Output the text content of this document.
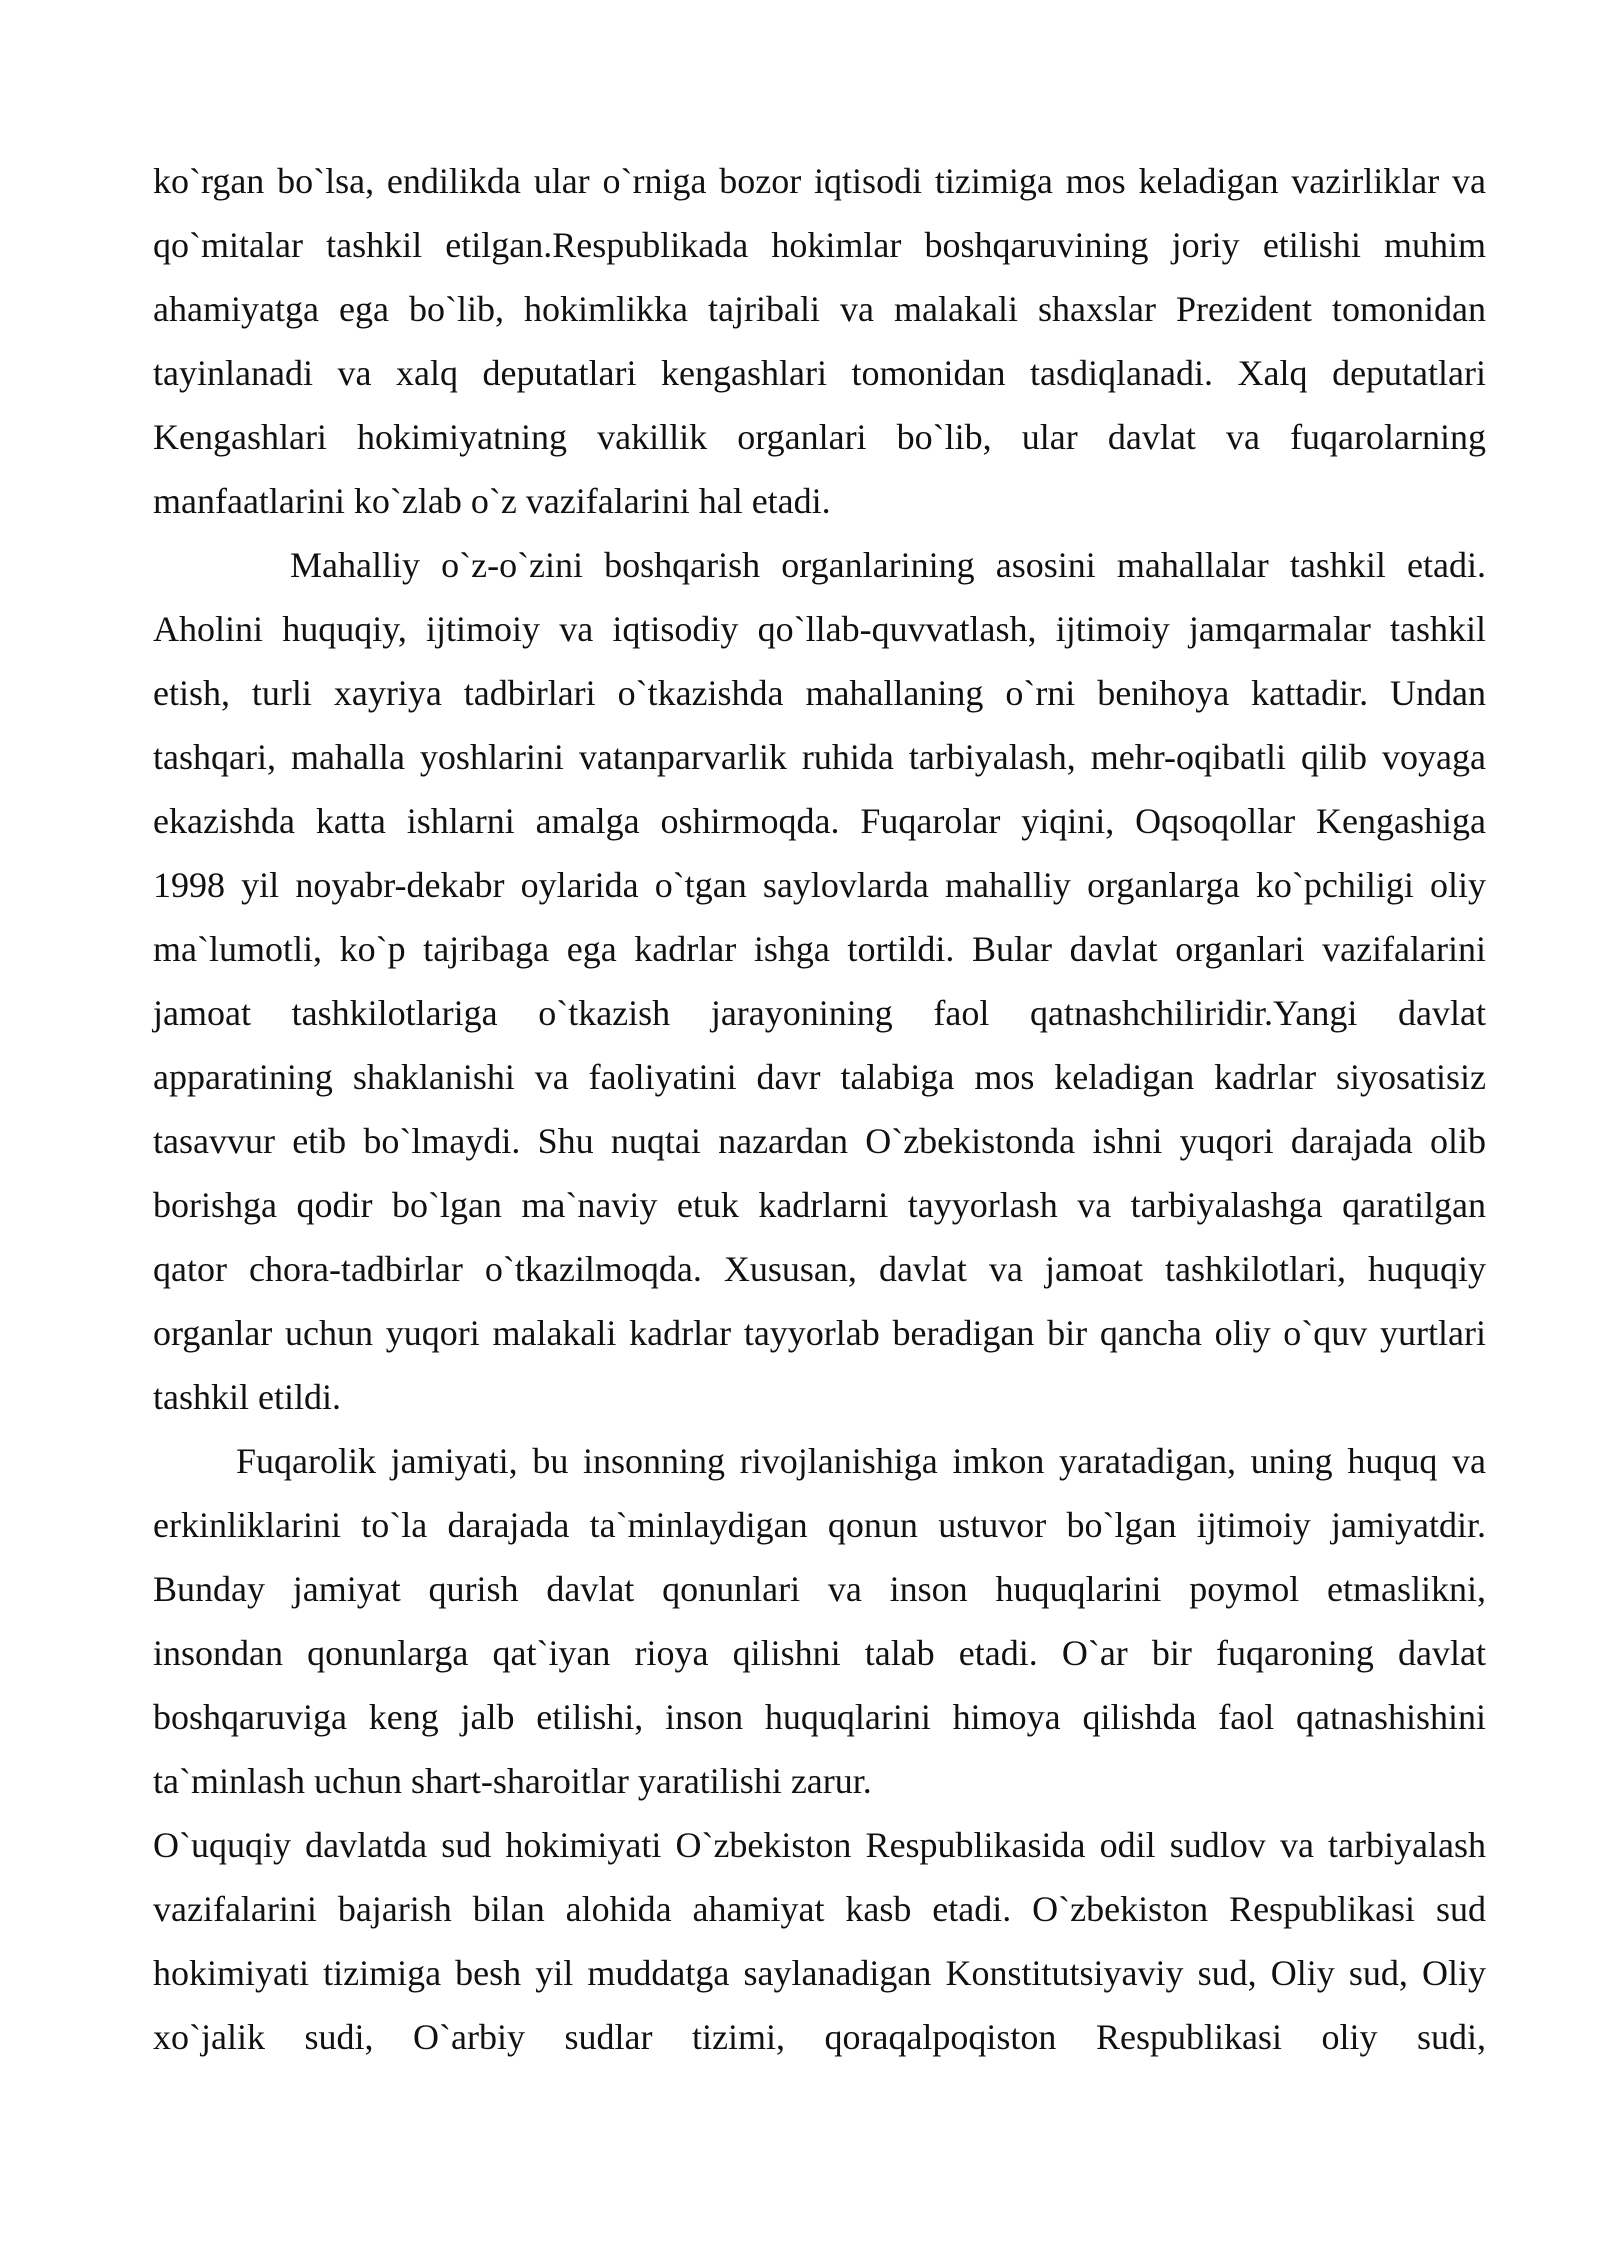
ko`rgan bo`lsa, endilikda ular o`rniga bozor iqtisodi tizimiga mos keladigan vazirliklar va
qo`mitalar tashkil etilgan.Respublikada hokimlar boshqaruvining joriy etilishi muhim
ahamiyatga ega bo`lib, hokimlikka tajribali va malakali shaxslar Prezident tomonidan
tayinlanadi va xalq deputatlari kengashlari tomonidan tasdiqlanadi. Xalq deputatlari
Kengashlari hokimiyatning vakillik organlari bo`lib, ular davlat va fuqarolarning
manfaatlarini ko`zlab o`z vazifalarini hal etadi.
Mahalliy o`z-o`zini boshqarish organlarining asosini mahallalar tashkil etadi.
Aholini huquqiy, ijtimoiy va iqtisodiy qo`llab-quvvatlash, ijtimoiy jamqarmalar tashkil
etish, turli xayriya tadbirlari o`tkazishda mahallaning o`rni benihoya kattadir. Undan
tashqari, mahalla yoshlarini vatanparvarlik ruhida tarbiyalash, mehr-oqibatli qilib voyaga
ekazishda katta ishlarni amalga oshirmoqda. Fuqarolar yiqini, Oqsoqollar Kengashiga
1998 yil noyabr-dekabr oylarida o`tgan saylovlarda mahalliy organlarga ko`pchiligi oliy
ma`lumotli, ko`p tajribaga ega kadrlar ishga tortildi. Bular davlat organlari vazifalarini
jamoat tashkilotlariga o`tkazish jarayonining faol qatnashchiliridir.Yangi davlat
apparatining shaklanishi va faoliyatini davr talabiga mos keladigan kadrlar siyosatisiz
tasavvur etib bo`lmaydi. Shu nuqtai nazardan O`zbekistonda ishni yuqori darajada olib
borishga qodir bo`lgan ma`naviy etuk kadrlarni tayyorlash va tarbiyalashga qaratilgan
qator chora-tadbirlar o`tkazilmoqda. Xususan, davlat va jamoat tashkilotlari, huquqiy
organlar uchun yuqori malakali kadrlar tayyorlab beradigan bir qancha oliy o`quv yurtlari
tashkil etildi.
Fuqarolik jamiyati, bu insonning rivojlanishiga imkon yaratadigan, uning huquq va
erkinliklarini to`la darajada ta`minlaydigan qonun ustuvor bo`lgan ijtimoiy jamiyatdir.
Bunday jamiyat qurish davlat qonunlari va inson huquqlarini poymol etmaslikni,
insondan qonunlarga qat`iyan rioya qilishni talab etadi. O`ar bir fuqaroning davlat
boshqaruviga keng jalb etilishi, inson huquqlarini himoya qilishda faol qatnashishini
ta`minlash uchun shart-sharoitlar yaratilishi zarur.
O`uquqiy davlatda sud hokimiyati O`zbekiston Respublikasida odil sudlov va tarbiyalash
vazifalarini bajarish bilan alohida ahamiyat kasb etadi. O`zbekiston Respublikasi sud
hokimiyati tizimiga besh yil muddatga saylanadigan Konstitutsiyaviy sud, Oliy sud, Oliy
xo`jalik sudi, O`arbiy sudlar tizimi, qoraqalpoqiston Respublikasi oliy sudi,
